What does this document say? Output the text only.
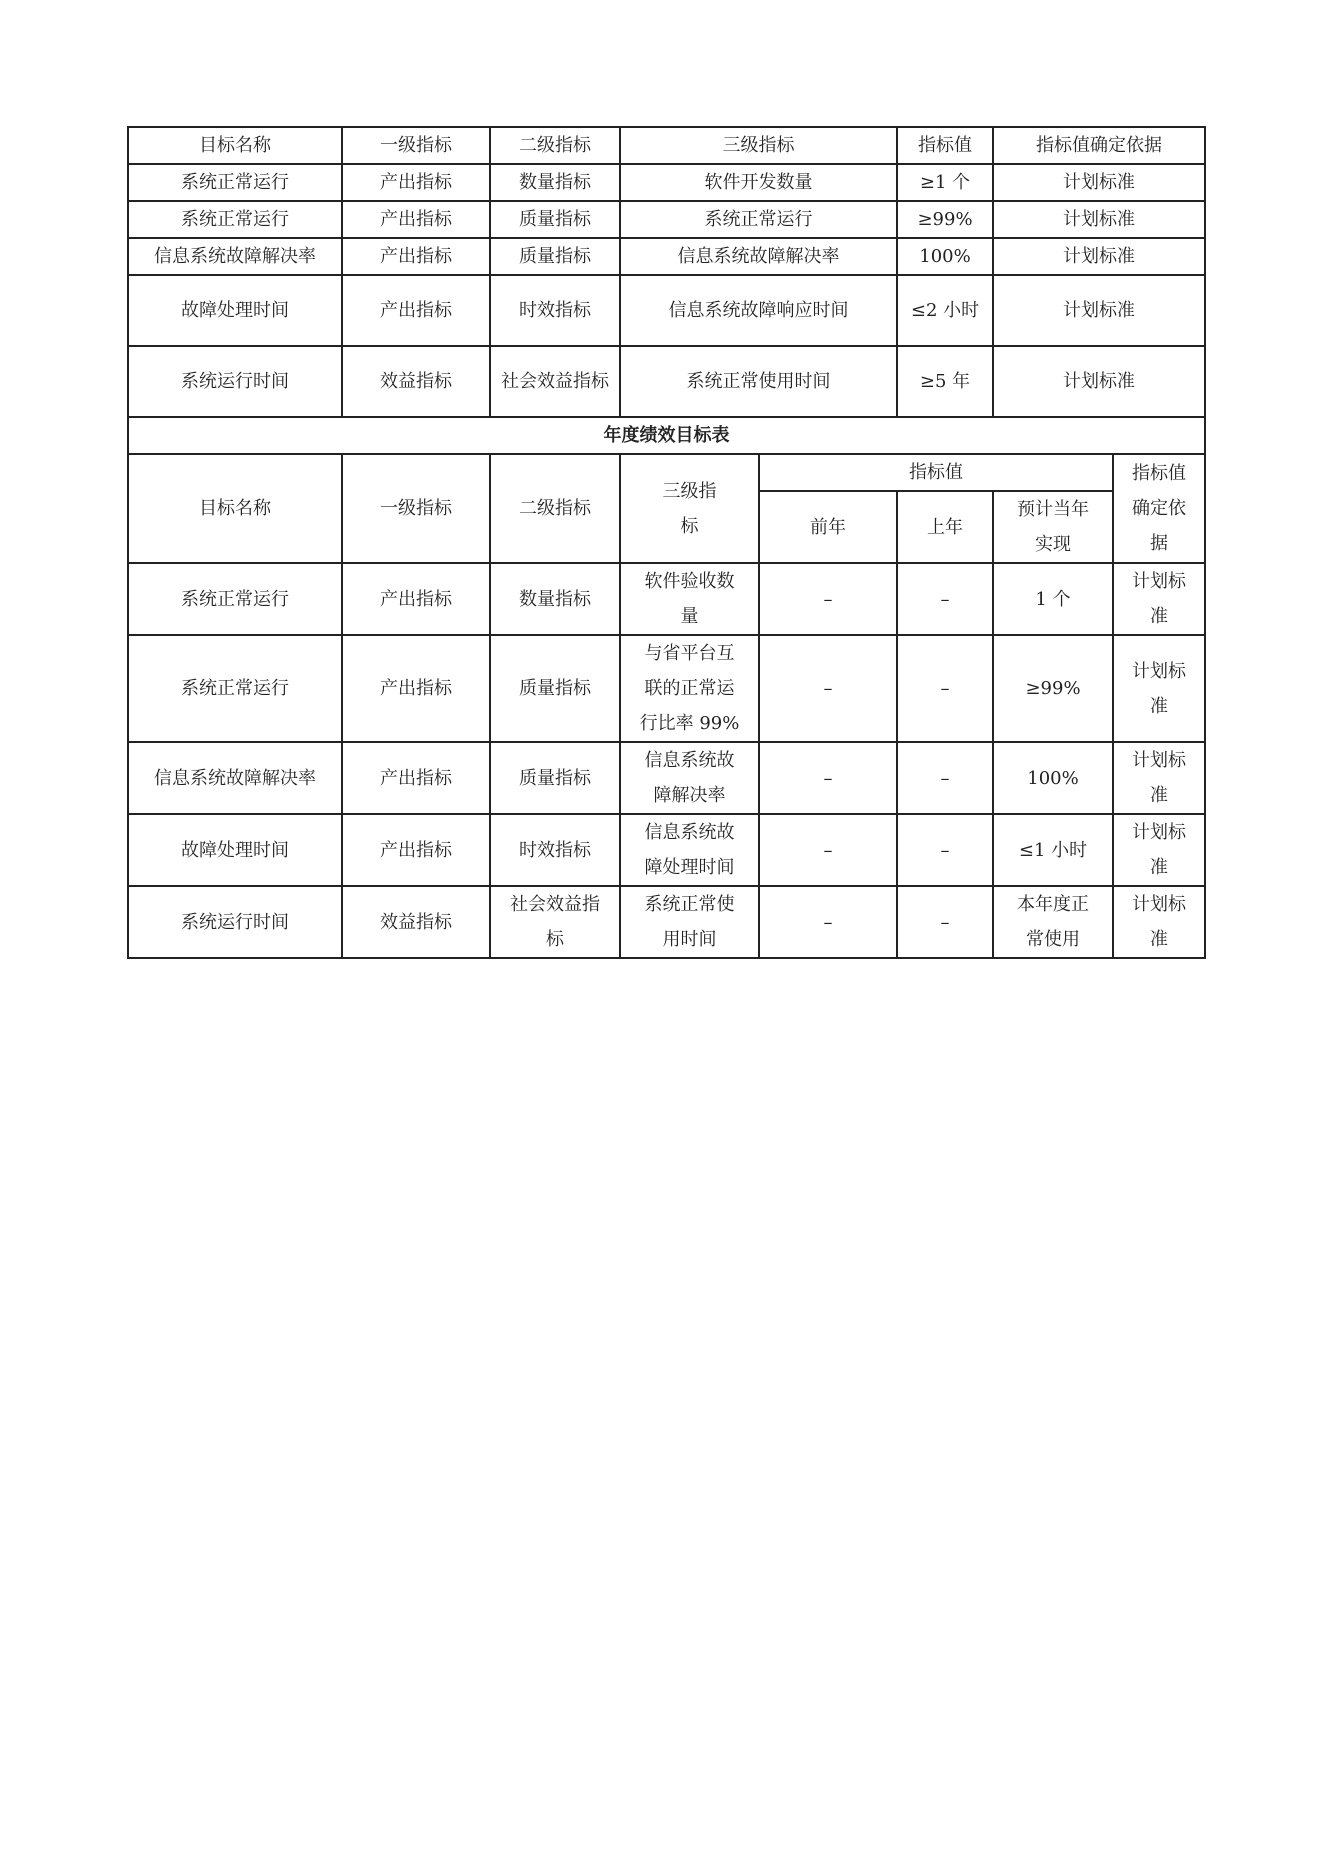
目标名称	一级指标	二级指标	三级指标		指标值	指标值确定依据	
系统正常运行	产出指标	数量指标	软件开发数量		≥1 个	计划标准	
系统正常运行	产出指标	质量指标	系统正常运行		≥99%	计划标准	
信息系统故障解决率	产出指标	质量指标	信息系统故障解决率		100%	计划标准	
故障处理时间	产出指标	时效指标	信息系统故障响应时间		≤2 小时	计划标准	
系统运行时间	效益指标	社会效益指标	系统正常使用时间		≥5 年	计划标准	
年度绩效目标表							
目标名称	一级指标	二级指标	三级指标	指标值			指标值确定依据
				前年	上年	预计当年实现	
系统正常运行	产出指标	数量指标	软件验收数量	–	–	1 个	计划标准
系统正常运行	产出指标	质量指标	与省平台互联的正常运行比率 99%	–	–	≥99%	计划标准
信息系统故障解决率	产出指标	质量指标	信息系统故障解决率	–	–	100%	计划标准
故障处理时间	产出指标	时效指标	信息系统故障处理时间	–	–	≤1 小时	计划标准
系统运行时间	效益指标	社会效益指标	系统正常使用时间	–	–	本年度正常使用	计划标准
